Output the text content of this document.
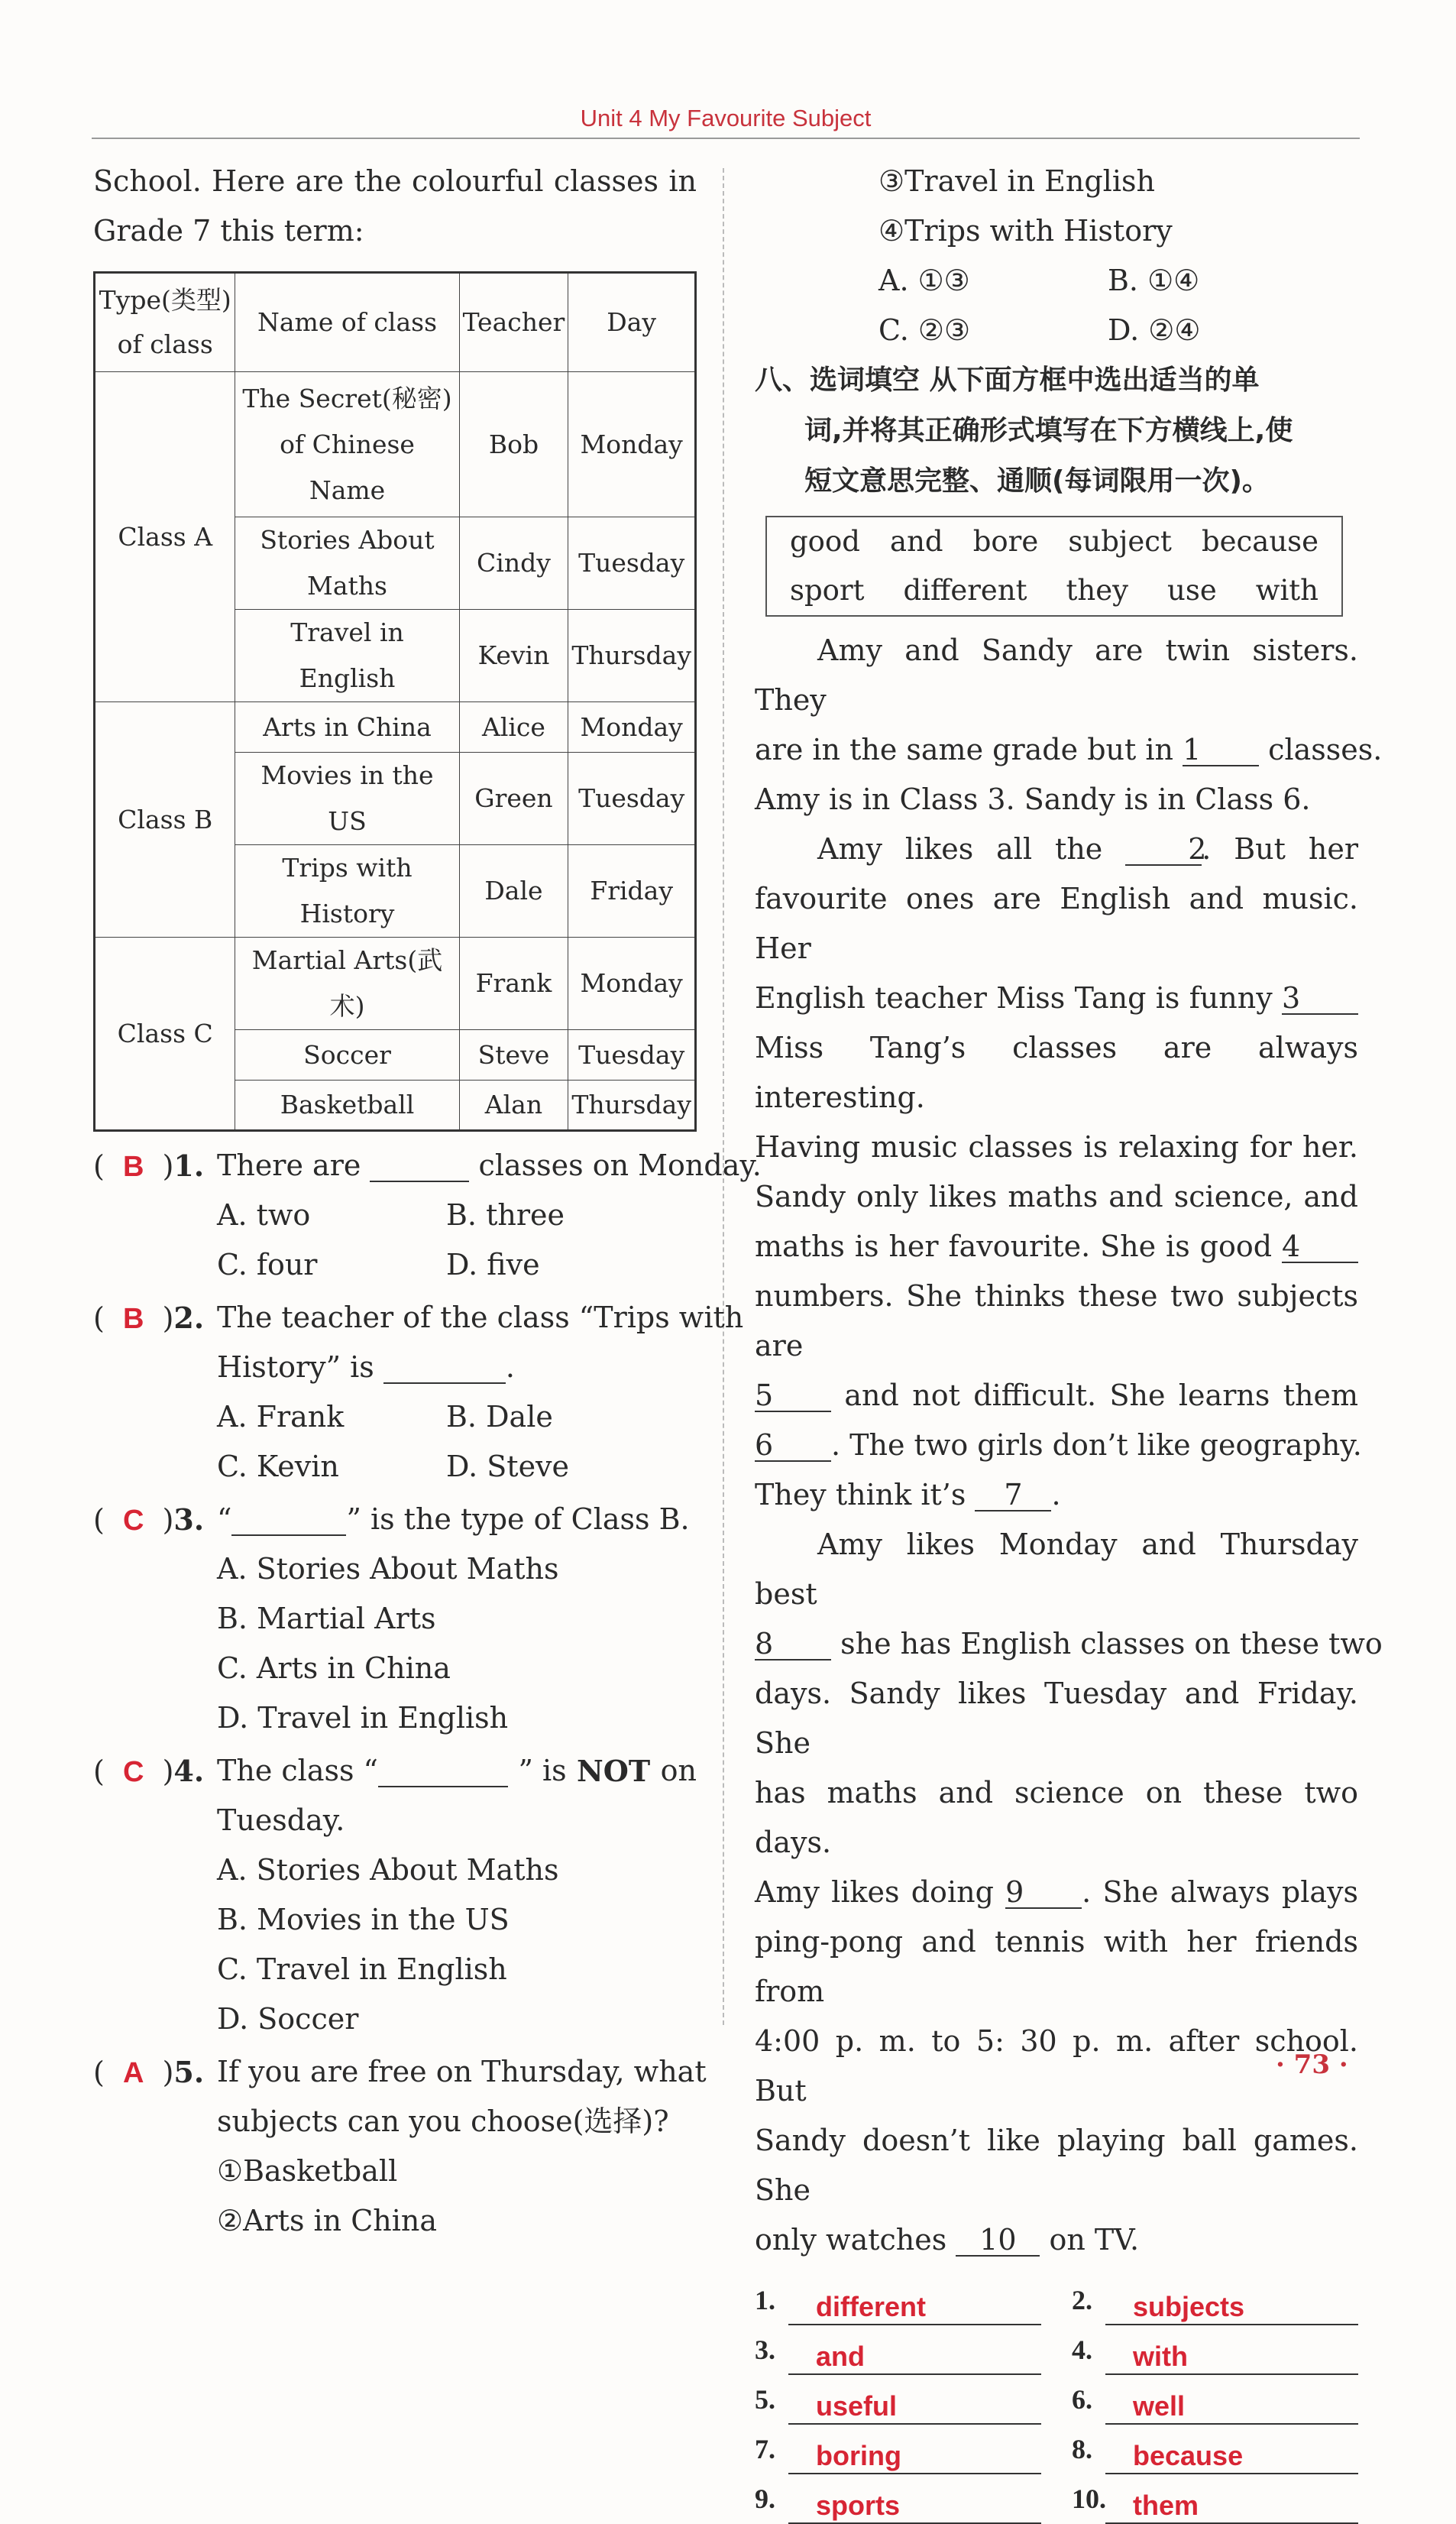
Unit 4 My Favourite Subject
School. Here are the colourful classes in
Grade 7 this term:
Type(类型) of class	Name of class	Teacher	Day
Class A	The Secret(秘密) of Chinese Name	Bob	Monday
	Stories About Maths	Cindy	Tuesday
	Travel in English	Kevin	Thursday
Class B	Arts in China	Alice	Monday
	Movies in the US	Green	Tuesday
	Trips with History	Dale	Friday
Class C	Martial Arts(武术)	Frank	Monday
	Soccer	Steve	Tuesday
	Basketball	Alan	Thursday
(  B  )1. There are	classes on Monday.
A. two	B. three
C. four	D. five
(  B  )2. The teacher of the class “Trips with
History” is	.
A. Frank	B. Dale
C. Kevin	D. Steve
(  C  )3. “	” is the type of Class B.
A. Stories About Maths
B. Martial Arts
C. Arts in China
D. Travel in English
(  C  )4. The class “	” is NOT on
Tuesday.
A. Stories About Maths
B. Movies in the US
C. Travel in English
D. Soccer
(  A  )5. If you are free on Thursday, what
subjects can you choose(选择)?
①Basketball
②Arts in China
③Travel in English
④Trips with History
A. ①③	B. ①④
C. ②③	D. ②④
八、选词填空 从下面方框中选出适当的单
词,并将其正确形式填写在下方横线上,使
短文意思完整、通顺(每词限用一次)。
good and bore subject because
sport different they use with
Amy and Sandy are twin sisters. They
are in the same grade but in 1 classes.
Amy is in Class 3. Sandy is in Class 6.
Amy likes all the	2. But her
favourite ones are English and music. Her
English teacher Miss Tang is funny 3
Miss Tang’s classes are always interesting.
Having music classes is relaxing for her.
Sandy only likes maths and science, and
maths is her favourite. She is good 4
numbers. She thinks these two subjects are
5 and not difficult. She learns them
6 . The two girls don’t like geography.
They think it’s 7 .
Amy likes Monday and Thursday best
8 she has English classes on these two
days. Sandy likes Tuesday and Friday. She
has maths and science on these two days.
Amy likes doing 9 . She always plays
ping-pong and tennis with her friends from
4:00 p. m. to 5: 30 p. m. after school. But
Sandy doesn’t like playing ball games. She
only watches 10 on TV.
1.	different	2.	subjects
3.	and	4.	with
5.	useful	6.	well
7.	boring	8.	because
9.	sports	10. them
· 73 ·
